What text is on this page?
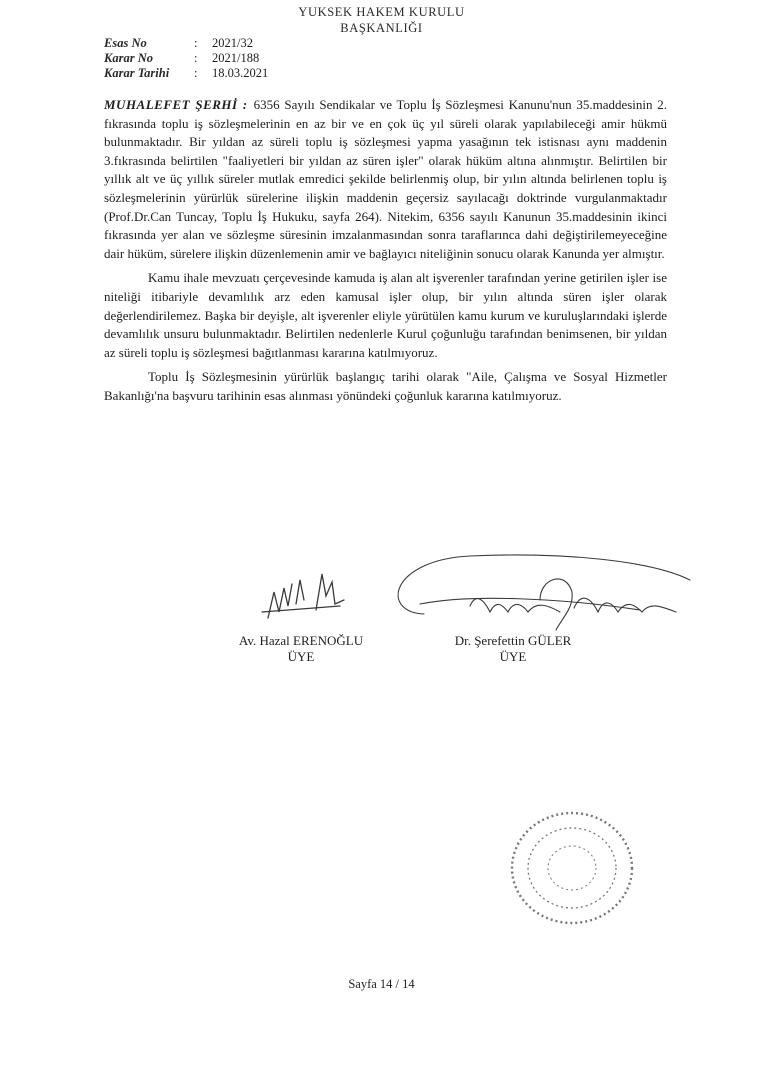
YUKSEK HAKEM KURULU
BAŞKANLIĞI
Esas No	:	2021/32
Karar No	:	2021/188
Karar Tarihi	:	18.03.2021

MUHALEFET ŞERHİ : 6356 Sayılı Sendikalar ve Toplu İş Sözleşmesi Kanunu'nun 35.maddesinin 2. fıkrasında toplu iş sözleşmelerinin en az bir ve en çok üç yıl süreli olarak yapılabileceği amir hükmü bulunmaktadır. Bir yıldan az süreli toplu iş sözleşmesi yapma yasağının tek istisnası aynı maddenin 3.fıkrasında belirtilen "faaliyetleri bir yıldan az süren işler" olarak hüküm altına alınmıştır. Belirtilen bir yıllık alt ve üç yıllık süreler mutlak emredici şekilde belirlenmiş olup, bir yılın altında belirlenen toplu iş sözleşmelerinin yürürlük sürelerine ilişkin maddenin geçersiz sayılacağı doktrinde vurgulanmaktadır (Prof.Dr.Can Tuncay, Toplu İş Hukuku, sayfa 264). Nitekim, 6356 sayılı Kanunun 35.maddesinin ikinci fıkrasında yer alan ve sözleşme süresinin imzalanmasından sonra taraflarınca dahi değiştirilemeyeceğine dair hüküm, sürelere ilişkin düzenlemenin amir ve bağlayıcı niteliğinin sonucu olarak Kanunda yer almıştır.

Kamu ihale mevzuatı çerçevesinde kamuda iş alan alt işverenler tarafından yerine getirilen işler ise niteliği itibariyle devamlılık arz eden kamusal işler olup, bir yılın altında süren işler olarak değerlendirilemez. Başka bir deyişle, alt işverenler eliyle yürütülen kamu kurum ve kuruluşlarındaki işlerde devamlılık unsuru bulunmaktadır. Belirtilen nedenlerle Kurul çoğunluğu tarafından benimsenen, bir yıldan az süreli toplu iş sözleşmesi bağıtlanması kararına katılmıyoruz.

Toplu İş Sözleşmesinin yürürlük başlangıç tarihi olarak "Aile, Çalışma ve Sosyal Hizmetler Bakanlığı'na başvuru tarihinin esas alınması yönündeki çoğunluk kararına katılmıyoruz.

Av. Hazal ERENOĞLU
ÜYE
Dr. Şerefettin GÜLER
ÜYE
Sayfa 14 / 14
